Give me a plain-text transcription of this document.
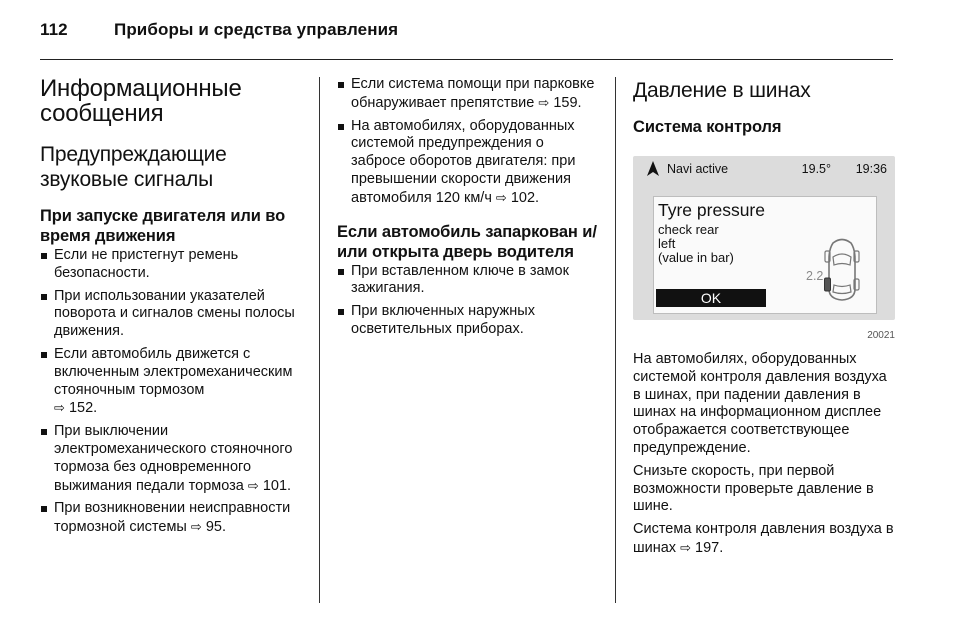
112	Приборы и средства управления
Информационные сообщения
Предупреждающие звуковые сигналы
При запуске двигателя или во время движения
Если не пристегнут ремень безопасности.
При использовании указателей поворота и сигналов смены полосы движения.
Если автомобиль движется с включенным электромеханическим стояночным тормозом
⇨ 152.
При выключении электромеханического стояночного тормоза без одновременного выжимания педали тормоза ⇨ 101.
При возникновении неисправности тормозной системы ⇨ 95.
Если система помощи при парковке обнаруживает препятствие ⇨ 159.
На автомобилях, оборудованных системой предупреждения о забросе оборотов двигателя: при превышении скорости движения автомобиля 120 км/ч ⇨ 102.
Если автомобиль запаркован и/или открыта дверь водителя
При вставленном ключе в замок зажигания.
При включенных наружных осветительных приборах.
Давление в шинах
Система контроля
Navi active	19.5° 19:36
Tyre pressure
check rear
left
(value in bar)
2.2
OK
20021

На автомобилях, оборудованных системой контроля давления воздуха в шинах, при падении давления в шинах на информационном дисплее отображается соответствующее предупреждение.

Снизьте скорость, при первой возможности проверьте давление в шине.

Система контроля давления воздуха в шинах ⇨ 197.
